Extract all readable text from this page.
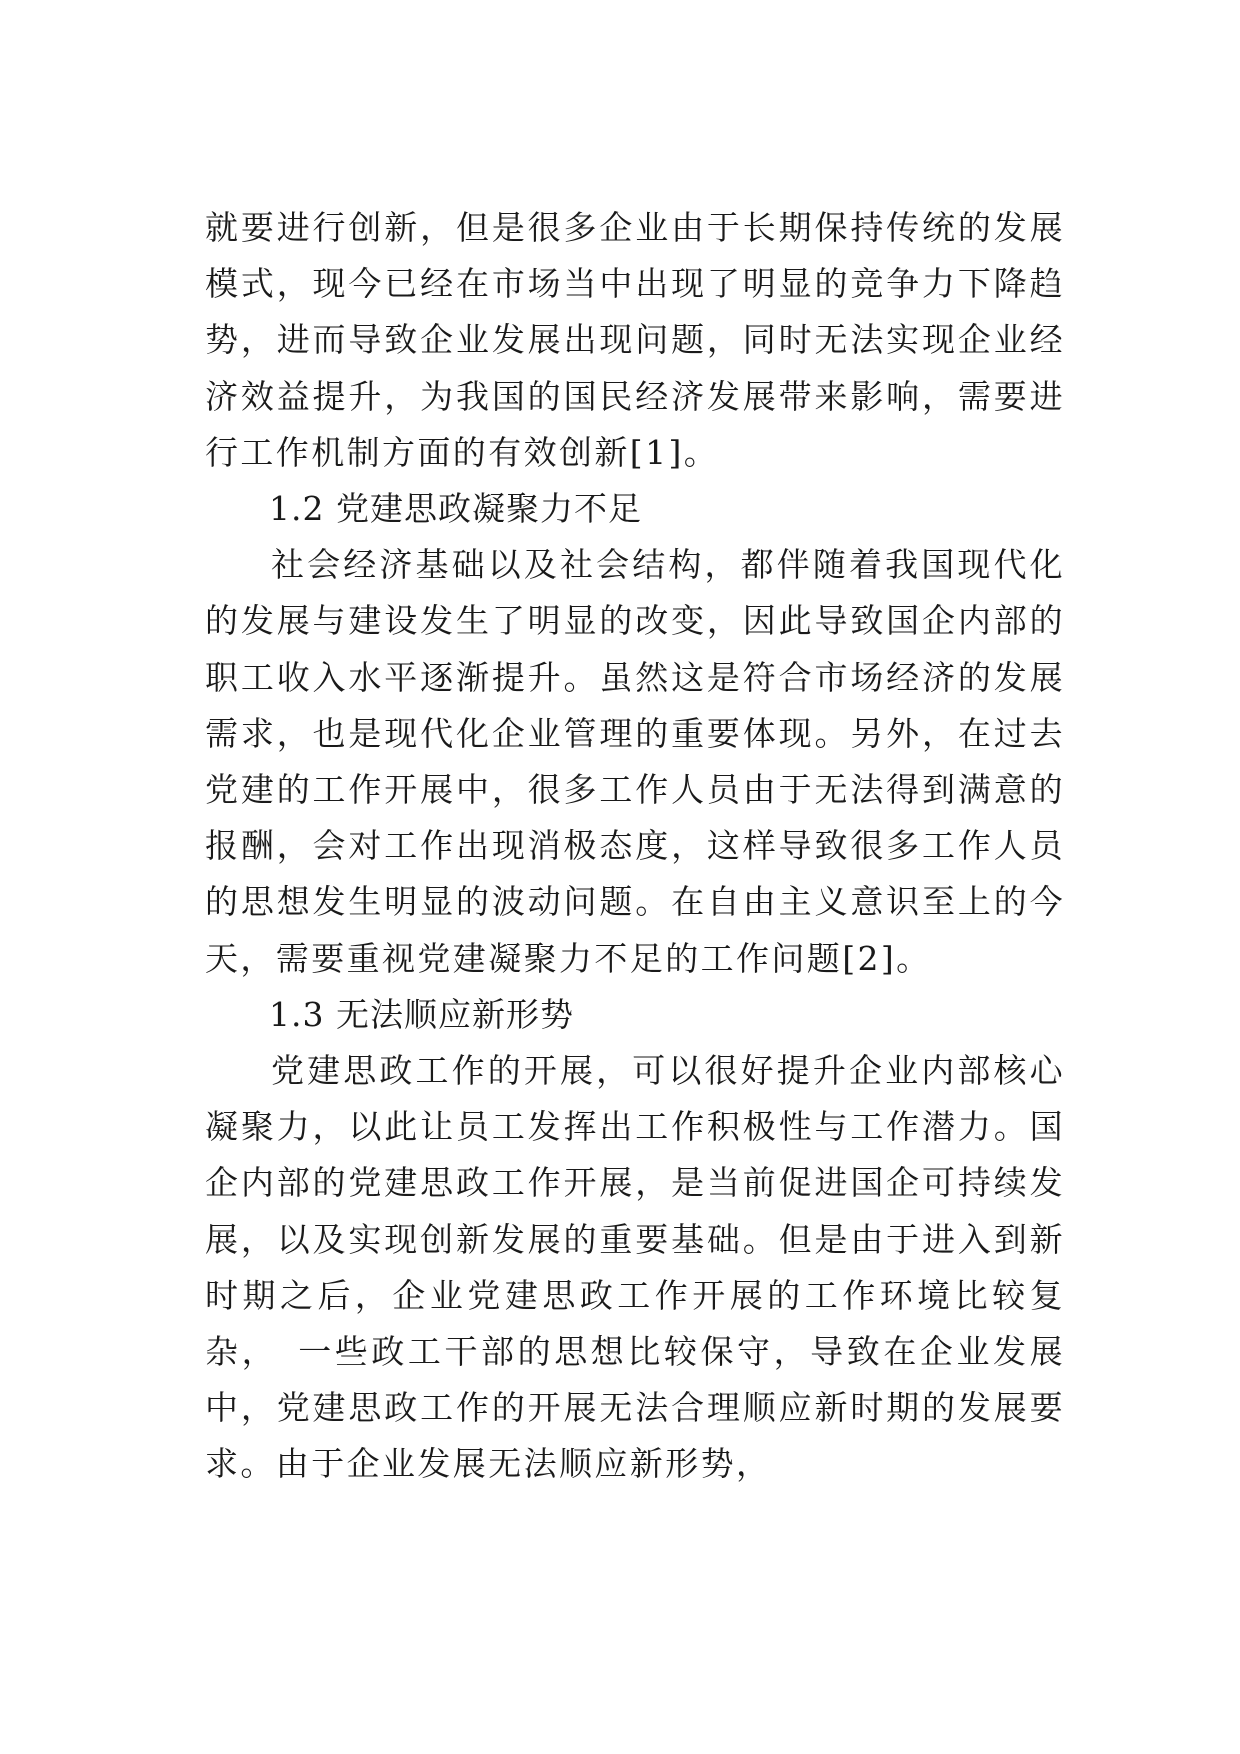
就要进行创新，但是很多企业由于长期保持传统的发展模式，现今已经在市场当中出现了明显的竞争力下降趋势，进而导致企业发展出现问题，同时无法实现企业经济效益提升，为我国的国民经济发展带来影响，需要进行工作机制方面的有效创新[1]。

1.2 党建思政凝聚力不足

社会经济基础以及社会结构，都伴随着我国现代化的发展与建设发生了明显的改变，因此导致国企内部的职工收入水平逐渐提升。虽然这是符合市场经济的发展需求，也是现代化企业管理的重要体现。另外，在过去党建的工作开展中，很多工作人员由于无法得到满意的报酬，会对工作出现消极态度，这样导致很多工作人员的思想发生明显的波动问题。在自由主义意识至上的今天，需要重视党建凝聚力不足的工作问题[2]。

1.3 无法顺应新形势

党建思政工作的开展，可以很好提升企业内部核心凝聚力，以此让员工发挥出工作积极性与工作潜力。国企内部的党建思政工作开展，是当前促进国企可持续发展，以及实现创新发展的重要基础。但是由于进入到新时期之后，企业党建思政工作开展的工作环境比较复杂，　一些政工干部的思想比较保守，导致在企业发展中，党建思政工作的开展无法合理顺应新时期的发展要求。由于企业发展无法顺应新形势，
